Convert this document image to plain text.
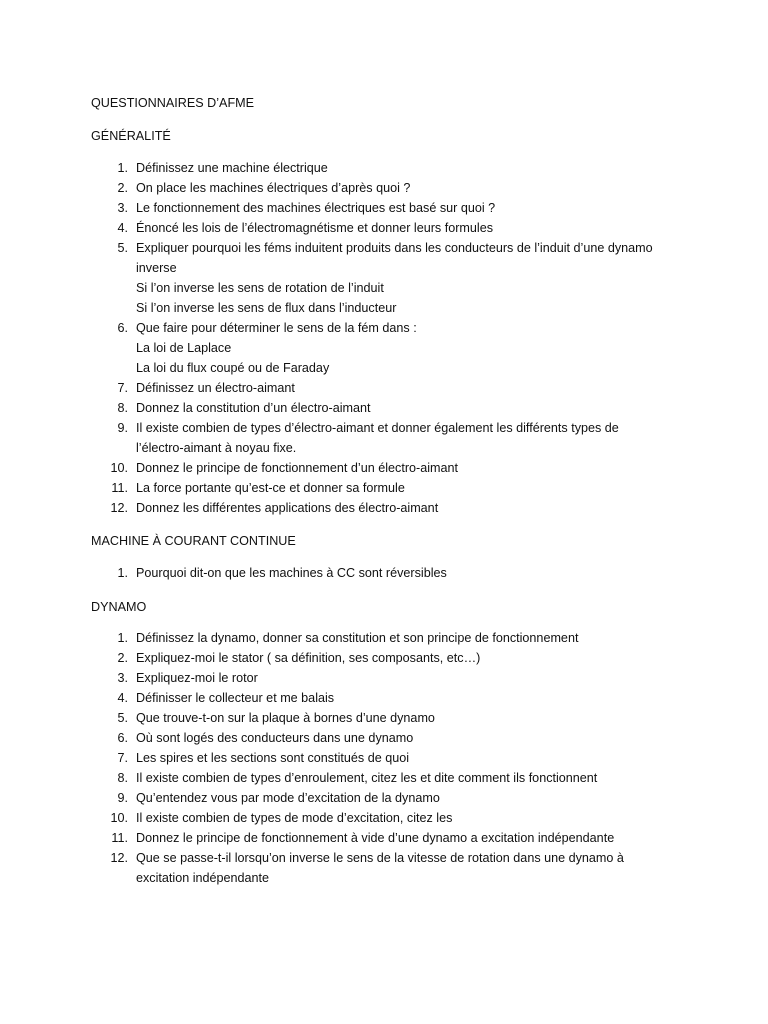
QUESTIONNAIRES D’AFME
GÉNÉRALITÉ
1. Définissez une machine électrique
2. On place les machines électriques d’après quoi ?
3. Le fonctionnement des machines électriques est basé sur quoi ?
4. Énoncé les lois de l’électromagnétisme et donner leurs formules
5. Expliquer pourquoi les féms induitent produits dans les conducteurs de l’induit d’une dynamo
inverse
Si l’on inverse les sens de rotation de l’induit
Si l’on inverse les sens de flux dans l’inducteur
6. Que faire pour déterminer le sens de la fém dans :
La loi de Laplace
La loi du flux coupé ou de Faraday
7. Définissez un électro-aimant
8. Donnez la constitution d’un électro-aimant
9. Il existe combien de types d’électro-aimant et donner également les différents types de
l’électro-aimant à noyau fixe.
10. Donnez le principe de fonctionnement d’un électro-aimant
11. La force portante qu’est-ce et donner sa formule
12. Donnez les différentes applications des électro-aimant
MACHINE À COURANT CONTINUE
1. Pourquoi dit-on que les machines à CC sont réversibles
DYNAMO
1. Définissez la dynamo, donner sa constitution et son principe de fonctionnement
2. Expliquez-moi le stator ( sa définition, ses composants, etc…)
3. Expliquez-moi le rotor
4. Définisser le collecteur et me balais
5. Que trouve-t-on sur la plaque à bornes d’une dynamo
6. Où sont logés des conducteurs dans une dynamo
7. Les spires et les sections sont constitués de quoi
8. Il existe combien de types d’enroulement, citez les et dite comment ils fonctionnent
9. Qu’entendez vous par mode d’excitation de la dynamo
10. Il existe combien de types de mode d’excitation, citez les
11. Donnez le principe de fonctionnement à vide d’une dynamo a excitation indépendante
12. Que se passe-t-il lorsqu’on inverse le sens de la vitesse de rotation dans une dynamo à
excitation indépendante
